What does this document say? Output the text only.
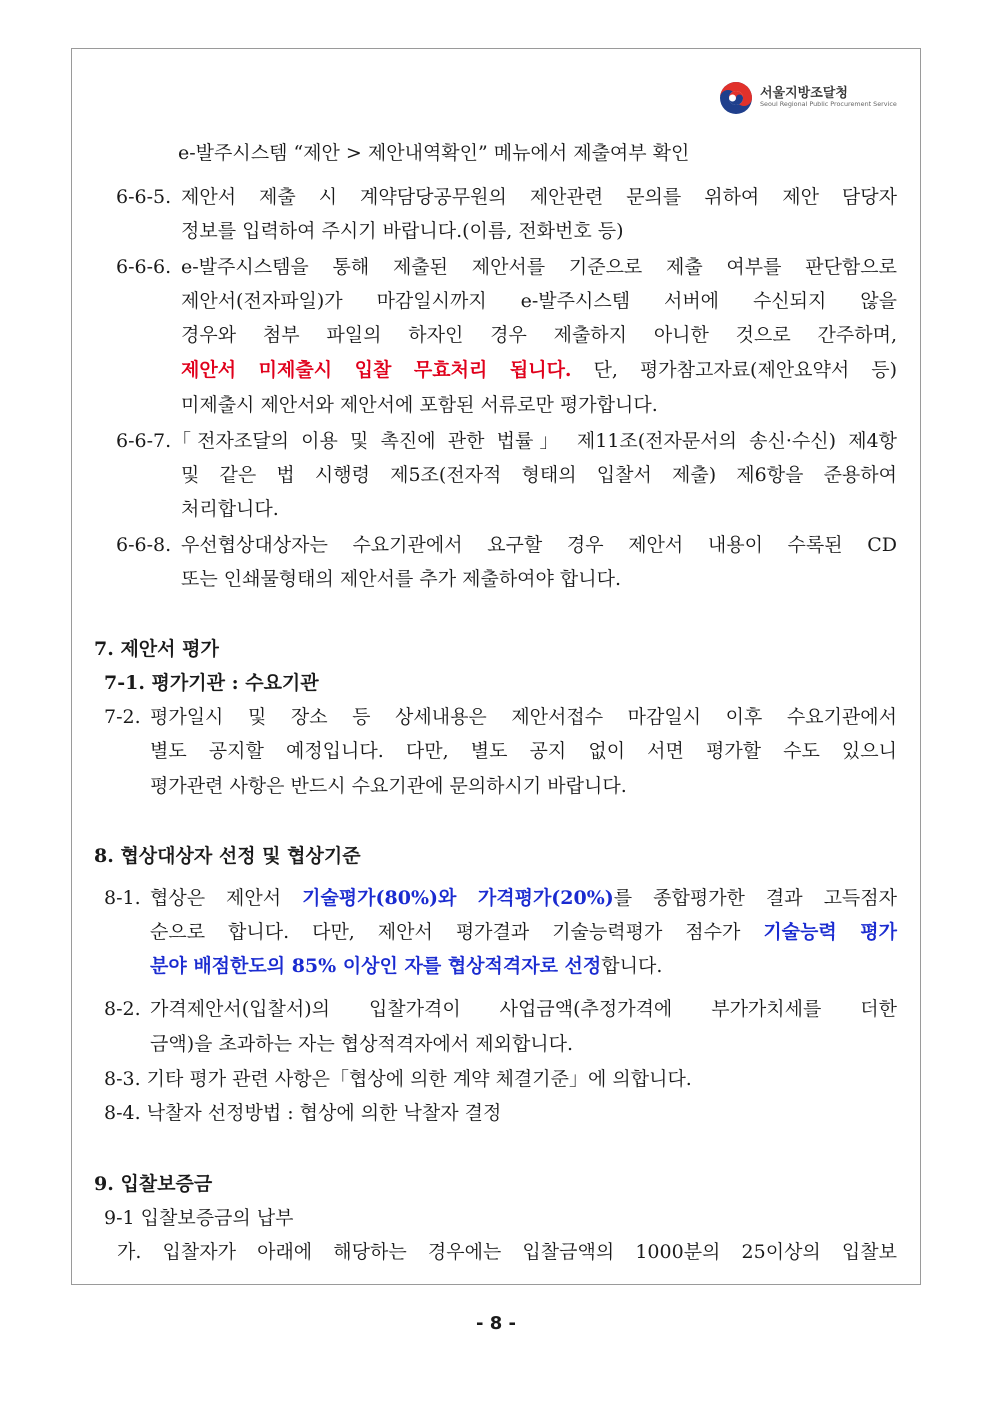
서울지방조달청
Seoul Regional Public Procurement Service
e-발주시스템 “제안 > 제안내역확인” 메뉴에서 제출여부 확인
6-6-5. 제안서 제출 시 계약담당공무원의 제안관련 문의를 위하여 제안 담당자
정보를 입력하여 주시기 바랍니다.(이름, 전화번호 등)
6-6-6. e-발주시스템을 통해 제출된 제안서를 기준으로 제출 여부를 판단함으로
제안서(전자파일)가 마감일시까지 e-발주시스템 서버에 수신되지 않을
경우와 첨부 파일의 하자인 경우 제출하지 아니한 것으로 간주하며,
제안서 미제출시 입찰 무효처리 됩니다. 단, 평가참고자료(제안요약서 등)
미제출시 제안서와 제안서에 포함된 서류로만 평가합니다.
6-6-7. 「전자조달의 이용 및 촉진에 관한 법률」 제11조(전자문서의 송신·수신) 제4항
및 같은 법 시행령 제5조(전자적 형태의 입찰서 제출) 제6항을 준용하여
처리합니다.
6-6-8. 우선협상대상자는 수요기관에서 요구할 경우 제안서 내용이 수록된 CD
또는 인쇄물형태의 제안서를 추가 제출하여야 합니다.
7. 제안서 평가
7-1. 평가기관 : 수요기관
7-2. 평가일시 및 장소 등 상세내용은 제안서접수 마감일시 이후 수요기관에서
별도 공지할 예정입니다. 다만, 별도 공지 없이 서면 평가할 수도 있으니
평가관련 사항은 반드시 수요기관에 문의하시기 바랍니다.
8. 협상대상자 선정 및 협상기준
8-1. 협상은 제안서 기술평가(80%)와 가격평가(20%)를 종합평가한 결과 고득점자
순으로 합니다. 다만, 제안서 평가결과 기술능력평가 점수가 기술능력 평가
분야 배점한도의 85% 이상인 자를 협상적격자로 선정합니다.
8-2. 가격제안서(입찰서)의 입찰가격이 사업금액(추정가격에 부가가치세를 더한
금액)을 초과하는 자는 협상적격자에서 제외합니다.
8-3. 기타 평가 관련 사항은「협상에 의한 계약 체결기준」에 의합니다.
8-4. 낙찰자 선정방법 : 협상에 의한 낙찰자 결정
9. 입찰보증금
9-1 입찰보증금의 납부
가. 입찰자가 아래에 해당하는 경우에는 입찰금액의 1000분의 25이상의 입찰보
- 8 -
